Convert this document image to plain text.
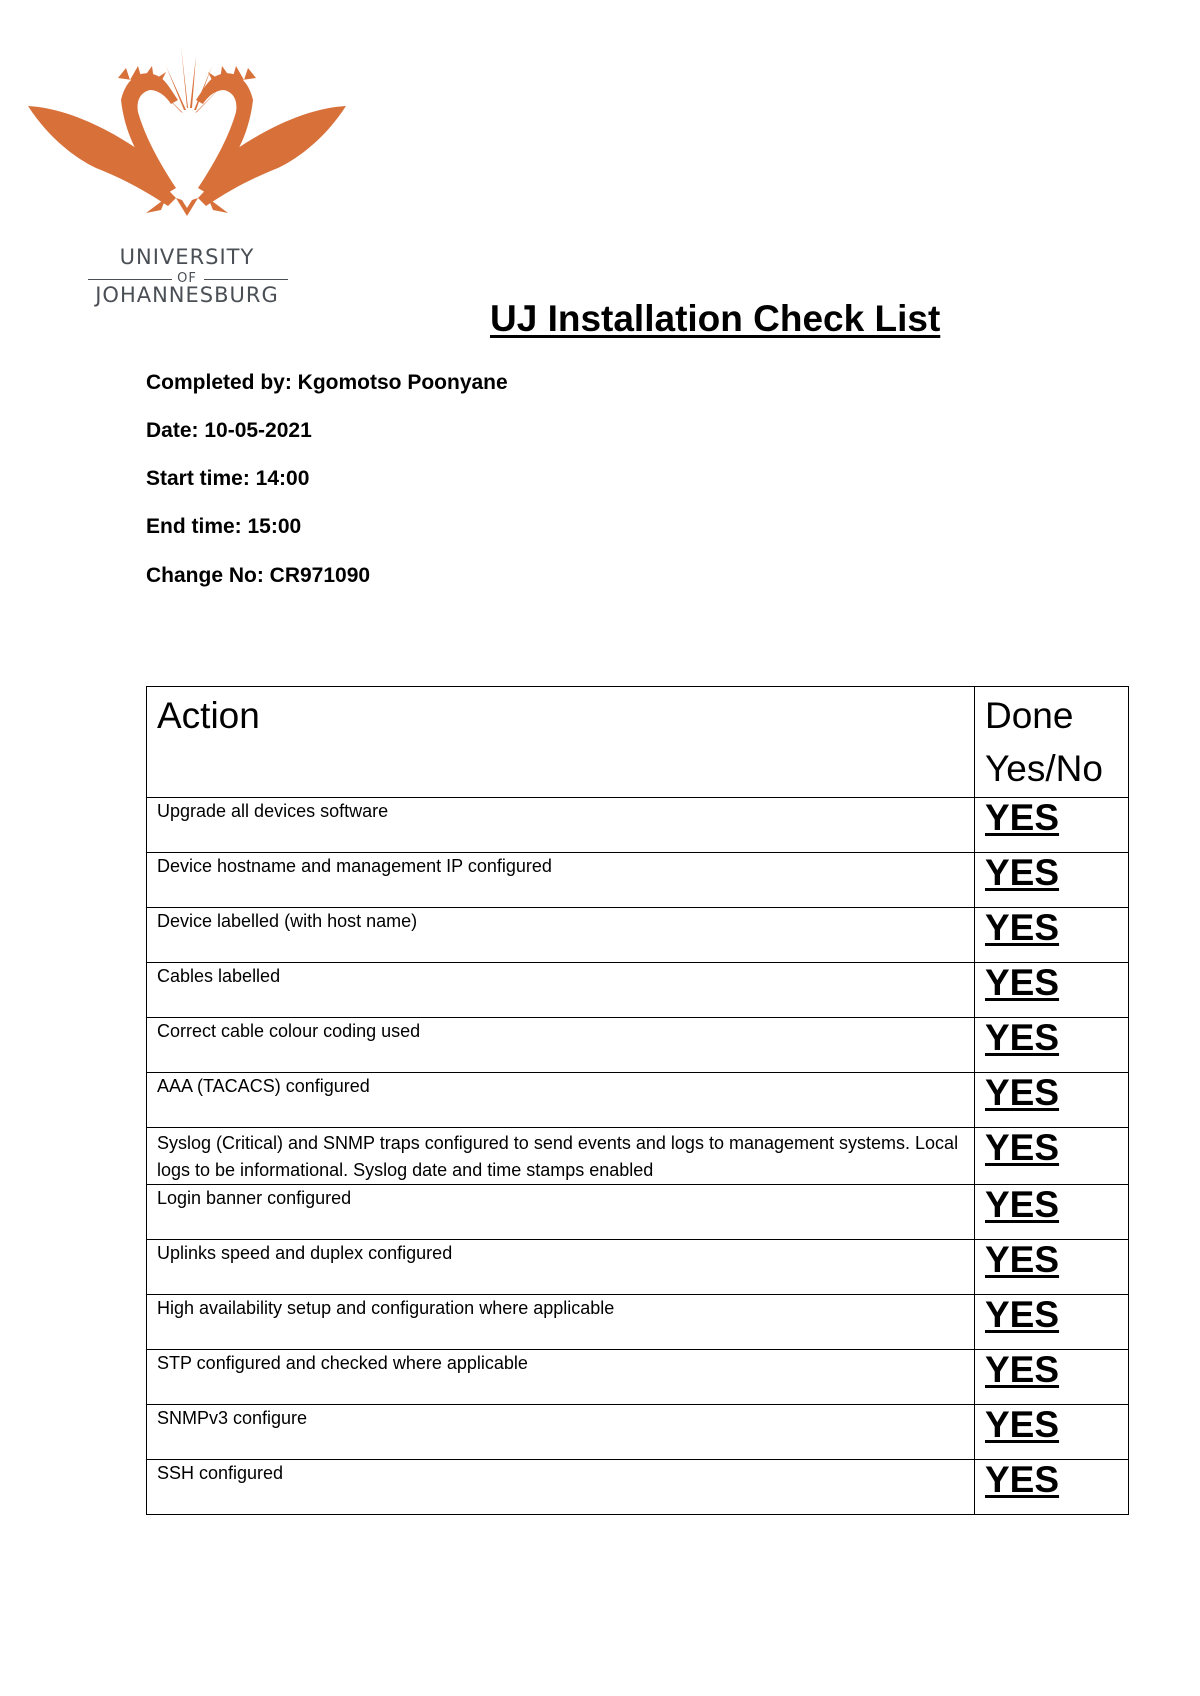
UNIVERSITY
OF
JOHANNESBURG
UJ Installation Check List
Completed by: Kgomotso Poonyane
Date: 10-05-2021
Start time: 14:00
End time: 15:00
Change No: CR971090
Action	Done
Yes/No

Upgrade all devices software	YES
Device hostname and management IP configured	YES
Device labelled (with host name)	YES
Cables labelled	YES
Correct cable colour coding used	YES
AAA (TACACS) configured	YES
Syslog (Critical) and SNMP traps configured to send events and logs to management systems. Local logs to be informational. Syslog date and time stamps enabled	YES
Login banner configured	YES
Uplinks speed and duplex configured	YES
High availability setup and configuration where applicable	YES
STP configured and checked where applicable	YES
SNMPv3 configure	YES
SSH configured	YES
